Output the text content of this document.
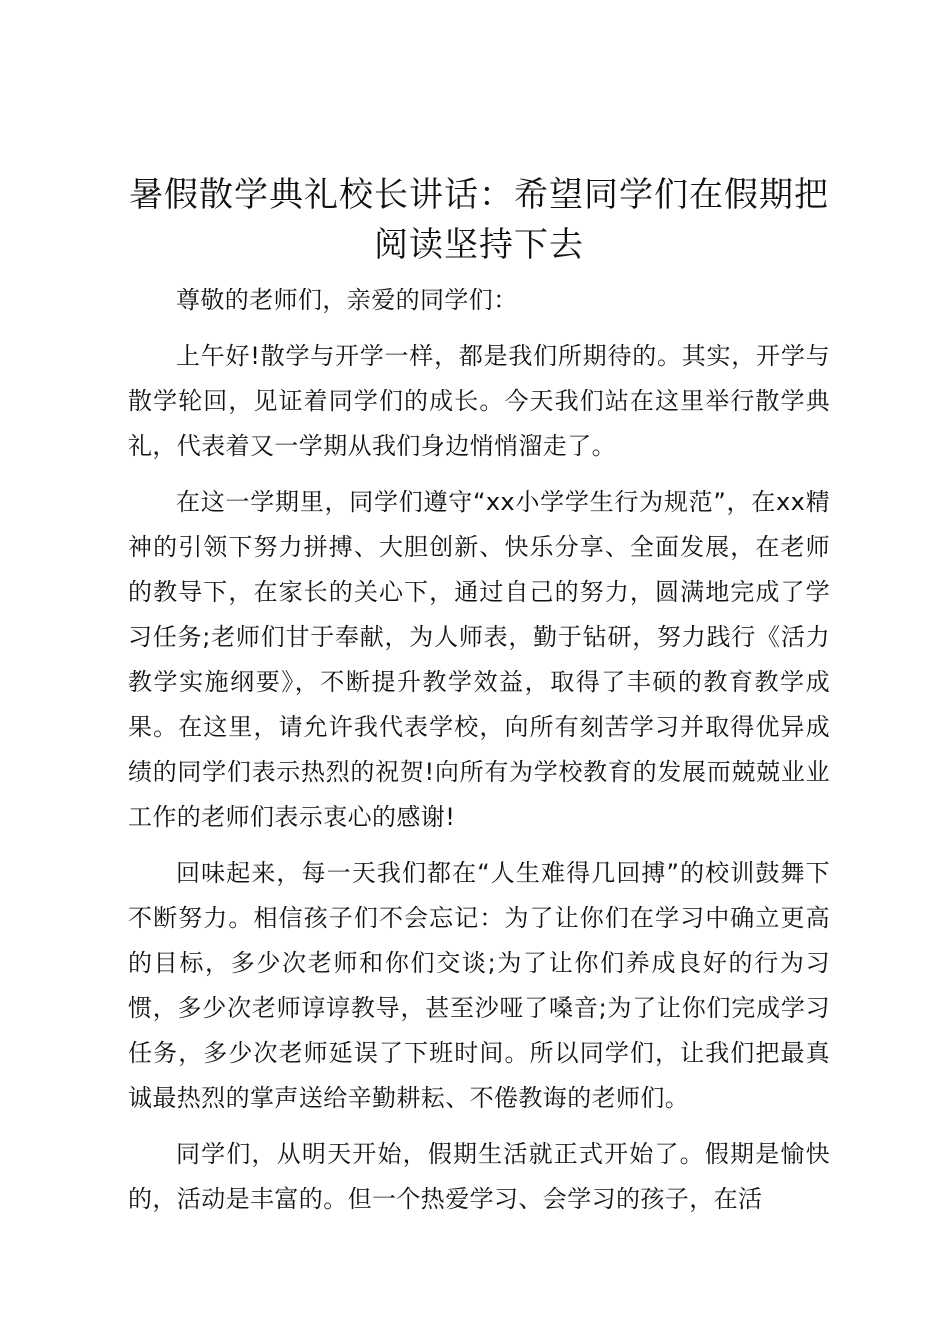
暑假散学典礼校长讲话：希望同学们在假期把阅读坚持下去

尊敬的老师们，亲爱的同学们：

上午好!散学与开学一样，都是我们所期待的。其实，开学与散学轮回，见证着同学们的成长。今天我们站在这里举行散学典礼，代表着又一学期从我们身边悄悄溜走了。

在这一学期里，同学们遵守“xx小学学生行为规范”，在xx精神的引领下努力拼搏、大胆创新、快乐分享、全面发展，在老师的教导下，在家长的关心下，通过自己的努力，圆满地完成了学习任务;老师们甘于奉献，为人师表，勤于钻研，努力践行《活力教学实施纲要》，不断提升教学效益，取得了丰硕的教育教学成果。在这里，请允许我代表学校，向所有刻苦学习并取得优异成绩的同学们表示热烈的祝贺!向所有为学校教育的发展而兢兢业业工作的老师们表示衷心的感谢!

回味起来，每一天我们都在“人生难得几回搏”的校训鼓舞下不断努力。相信孩子们不会忘记：为了让你们在学习中确立更高的目标，多少次老师和你们交谈;为了让你们养成良好的行为习惯，多少次老师谆谆教导，甚至沙哑了嗓音;为了让你们完成学习任务，多少次老师延误了下班时间。所以同学们，让我们把最真诚最热烈的掌声送给辛勤耕耘、不倦教诲的老师们。

同学们，从明天开始，假期生活就正式开始了。假期是愉快的，活动是丰富的。但一个热爱学习、会学习的孩子，在活
